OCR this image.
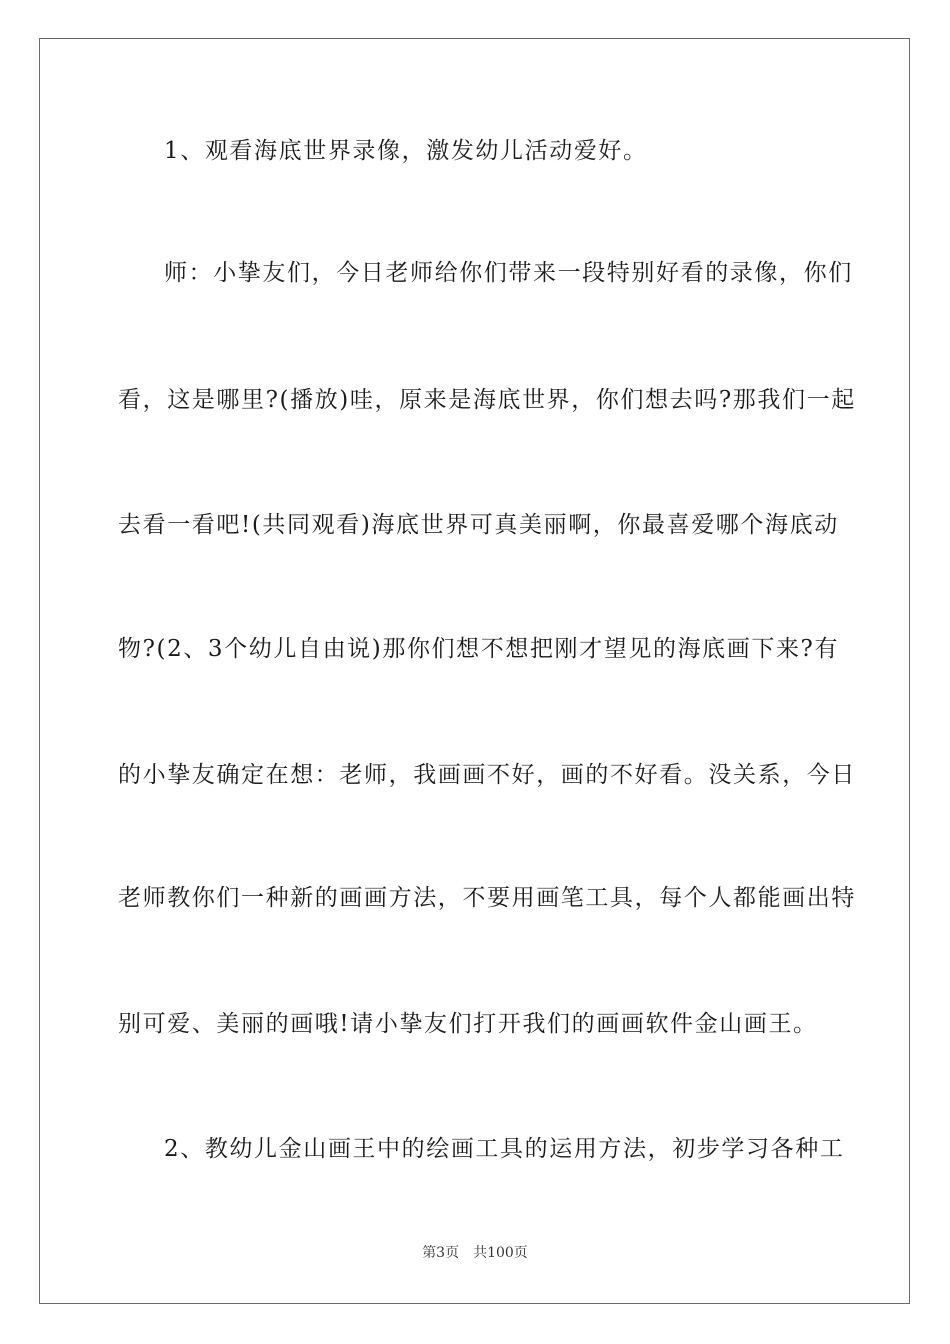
1、观看海底世界录像，激发幼儿活动爱好。
师：小挚友们，今日老师给你们带来一段特别好看的录像，你们
看，这是哪里?(播放)哇，原来是海底世界，你们想去吗?那我们一起
去看一看吧!(共同观看)海底世界可真美丽啊，你最喜爱哪个海底动
物?(2、3个幼儿自由说)那你们想不想把刚才望见的海底画下来?有
的小挚友确定在想：老师，我画画不好，画的不好看。没关系，今日
老师教你们一种新的画画方法，不要用画笔工具，每个人都能画出特
别可爱、美丽的画哦!请小挚友们打开我们的画画软件金山画王。
2、教幼儿金山画王中的绘画工具的运用方法，初步学习各种工
第3页　共100页
